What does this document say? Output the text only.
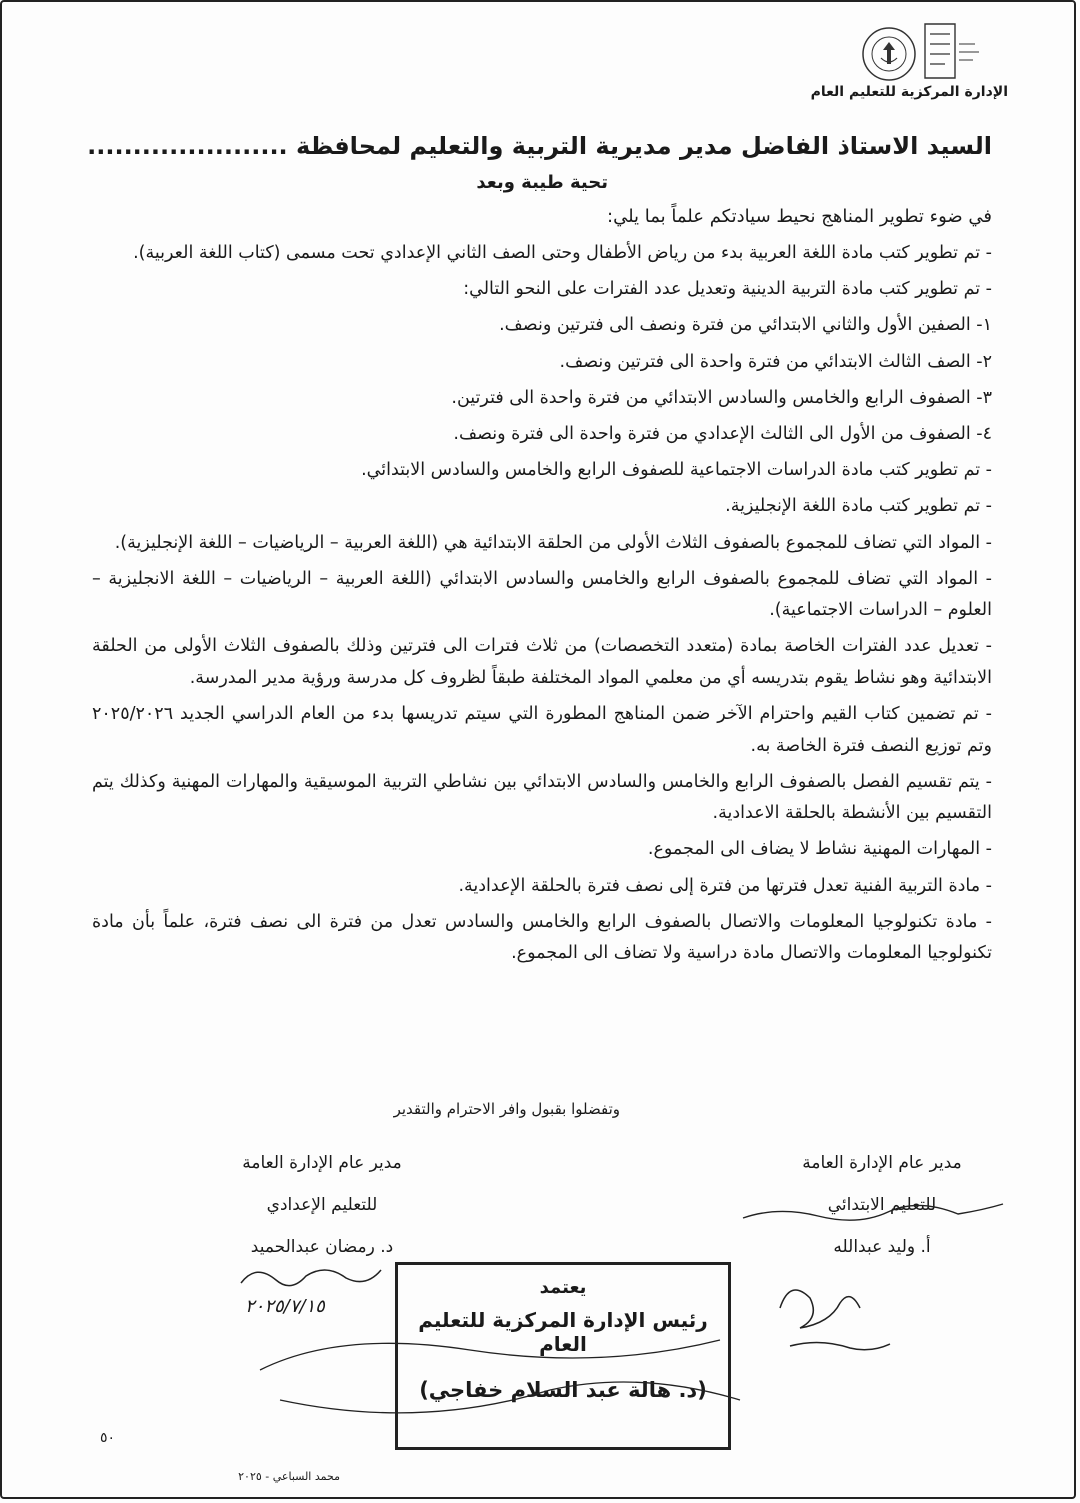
الإدارة المركزية للتعليم العام
السيد الاستاذ الفاضل مدير مديرية التربية والتعليم لمحافظة ......................
تحية طيبة وبعد
في ضوء تطوير المناهج نحيط سيادتكم علماً بما يلي:

- تم تطوير كتب مادة اللغة العربية بدء من رياض الأطفال وحتى الصف الثاني الإعدادي تحت مسمى (كتاب اللغة العربية).

- تم تطوير كتب مادة التربية الدينية وتعديل عدد الفترات على النحو التالي:

١- الصفين الأول والثاني الابتدائي من فترة ونصف الى فترتين ونصف.

٢- الصف الثالث الابتدائي من فترة واحدة الى فترتين ونصف.

٣- الصفوف الرابع والخامس والسادس الابتدائي من فترة واحدة الى فترتين.

٤- الصفوف من الأول الى الثالث الإعدادي من فترة واحدة الى فترة ونصف.

- تم تطوير كتب مادة الدراسات الاجتماعية للصفوف الرابع والخامس والسادس الابتدائي.

- تم تطوير كتب مادة اللغة الإنجليزية.

- المواد التي تضاف للمجموع بالصفوف الثلاث الأولى من الحلقة الابتدائية هي (اللغة العربية – الرياضيات – اللغة الإنجليزية).

- المواد التي تضاف للمجموع بالصفوف الرابع والخامس والسادس الابتدائي (اللغة العربية – الرياضيات – اللغة الانجليزية – العلوم – الدراسات الاجتماعية).

- تعديل عدد الفترات الخاصة بمادة (متعدد التخصصات) من ثلاث فترات الى فترتين وذلك بالصفوف الثلاث الأولى من الحلقة الابتدائية وهو نشاط يقوم بتدريسه أي من معلمي المواد المختلفة طبقاً لظروف كل مدرسة ورؤية مدير المدرسة.

- تم تضمين كتاب القيم واحترام الآخر ضمن المناهج المطورة التي سيتم تدريسها بدء من العام الدراسي الجديد ٢٠٢٥/٢٠٢٦ وتم توزيع النصف فترة الخاصة به.

- يتم تقسيم الفصل بالصفوف الرابع والخامس والسادس الابتدائي بين نشاطي التربية الموسيقية والمهارات المهنية وكذلك يتم التقسيم بين الأنشطة بالحلقة الاعدادية.

- المهارات المهنية نشاط لا يضاف الى المجموع.

- مادة التربية الفنية تعدل فترتها من فترة إلى نصف فترة بالحلقة الإعدادية.

- مادة تكنولوجيا المعلومات والاتصال بالصفوف الرابع والخامس والسادس تعدل من فترة الى نصف فترة، علماً بأن مادة تكنولوجيا المعلومات والاتصال مادة دراسية ولا تضاف الى المجموع.

وتفضلوا بقبول وافر الاحترام والتقدير
مدير عام الإدارة العامة
للتعليم الابتدائي
أ. وليد عبدالله
مدير عام الإدارة العامة
للتعليم الإعدادي
د. رمضان عبدالحميد
٢٠٢٥/٧/١٥
يعتمد
رئيس الإدارة المركزية للتعليم العام
(د. هالة عبد السلام خفاجي)
٥٠
محمد السباعي - ٢٠٢٥
